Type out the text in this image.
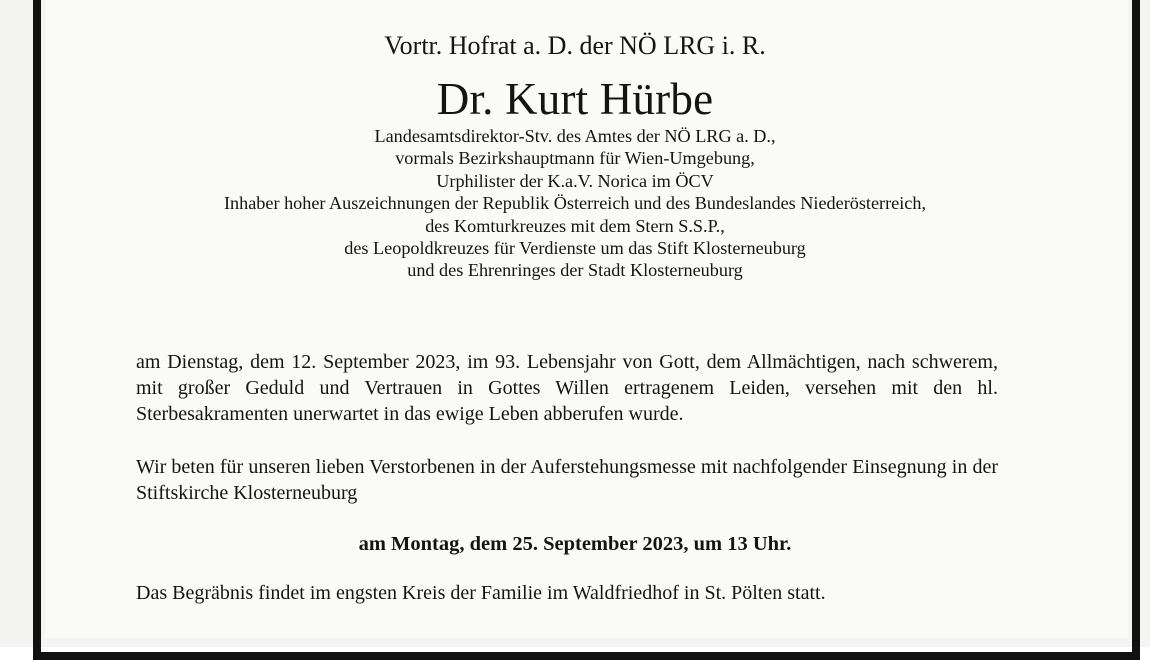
Vortr. Hofrat a. D. der NÖ LRG i. R.
Dr. Kurt Hürbe
Landesamtsdirektor-Stv. des Amtes der NÖ LRG a. D.,
vormals Bezirkshauptmann für Wien-Umgebung,
Urphilister der K.a.V. Norica im ÖCV
Inhaber hoher Auszeichnungen der Republik Österreich und des Bundeslandes Niederösterreich,
des Komturkreuzes mit dem Stern S.S.P.,
des Leopoldkreuzes für Verdienste um das Stift Klosterneuburg
und des Ehrenringes der Stadt Klosterneuburg
am Dienstag, dem 12. September 2023, im 93. Lebensjahr von Gott, dem Allmächtigen, nach schwerem, mit großer Geduld und Vertrauen in Gottes Willen ertragenem Leiden, versehen mit den hl. Sterbesakramenten unerwartet in das ewige Leben abberufen wurde.
Wir beten für unseren lieben Verstorbenen in der Auferstehungsmesse mit nachfolgender Einsegnung in der Stiftskirche Klosterneuburg
am Montag, dem 25. September 2023, um 13 Uhr.
Das Begräbnis findet im engsten Kreis der Familie im Waldfriedhof in St. Pölten statt.
